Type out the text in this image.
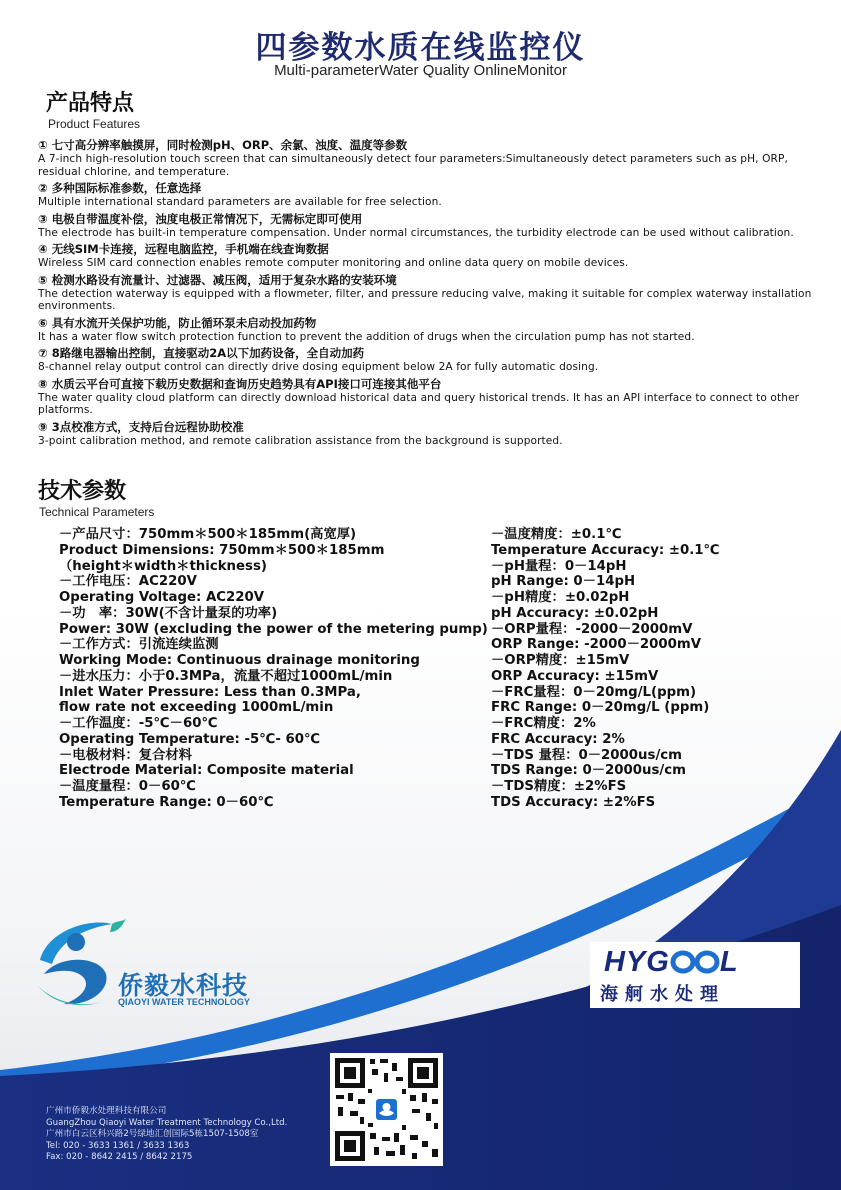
四参数水质在线监控仪
Multi-parameterWater Quality OnlineMonitor
产品特点
Product Features
① 七寸高分辨率触摸屏，同时检测pH、ORP、余氯、浊度、温度等参数
A 7-inch high-resolution touch screen that can simultaneously detect four parameters:Simultaneously detect parameters such as pH, ORP, residual chlorine, and temperature.
② 多种国际标准参数，任意选择
Multiple international standard parameters are available for free selection.
③ 电极自带温度补偿，浊度电极正常情况下，无需标定即可使用
The electrode has built-in temperature compensation. Under normal circumstances, the turbidity electrode can be used without calibration.
④ 无线SIM卡连接，远程电脑监控，手机端在线查询数据
Wireless SIM card connection enables remote computer monitoring and online data query on mobile devices.
⑤ 检测水路设有流量计、过滤器、减压阀，适用于复杂水路的安装环境
The detection waterway is equipped with a flowmeter, filter, and pressure reducing valve, making it suitable for complex waterway installation environments.
⑥ 具有水流开关保护功能，防止循环泵未启动投加药物
It has a water flow switch protection function to prevent the addition of drugs when the circulation pump has not started.
⑦ 8路继电器输出控制，直接驱动2A以下加药设备，全自动加药
8-channel relay output control can directly drive dosing equipment below 2A for fully automatic dosing.
⑧ 水质云平台可直接下载历史数据和查询历史趋势具有API接口可连接其他平台
The water quality cloud platform can directly download historical data and query historical trends. It has an API interface to connect to other platforms.
⑨ 3点校准方式，支持后台远程协助校准
3-point calibration method, and remote calibration assistance from the background is supported.
技术参数
Technical Parameters
－产品尺寸：750mm＊500＊185mm(高宽厚)
Product Dimensions: 750mm＊500＊185mm
（height＊width＊thickness)
－工作电压：AC220V
Operating Voltage: AC220V
－功　率：30W(不含计量泵的功率)
Power: 30W (excluding the power of the metering pump)
－工作方式：引流连续监测
Working Mode: Continuous drainage monitoring
－进水压力：小于0.3MPa，流量不超过1000mL/min
Inlet Water Pressure: Less than 0.3MPa,
flow rate not exceeding 1000mL/min
－工作温度：-5℃－60℃
Operating Temperature: -5℃- 60℃
－电极材料：复合材料
Electrode Material: Composite material
－温度量程：0－60℃
Temperature Range: 0－60℃
－温度精度：±0.1℃
Temperature Accuracy: ±0.1℃
－pH量程：0－14pH
pH Range: 0－14pH
－pH精度：±0.02pH
pH Accuracy: ±0.02pH
－ORP量程：-2000－2000mV
ORP Range: -2000－2000mV
－ORP精度：±15mV
ORP Accuracy: ±15mV
－FRC量程：0－20mg/L(ppm)
FRC Range: 0－20mg/L (ppm)
－FRC精度：2%
FRC Accuracy: 2%
－TDS 量程：0－2000us/cm
TDS Range: 0－2000us/cm
－TDS精度：±2%FS
TDS Accuracy: ±2%FS
侨毅水科技
QIAOYI WATER TECHNOLOGY
HYG L
海舸水处理
广州市侨毅水处理科技有限公司
GuangZhou Qiaoyi Water Treatment Technology Co.,Ltd.
广州市白云区科兴路2号绿地汇创国际5栋1507-1508室
Tel: 020 - 3633 1361 / 3633 1363
Fax: 020 - 8642 2415 / 8642 2175
